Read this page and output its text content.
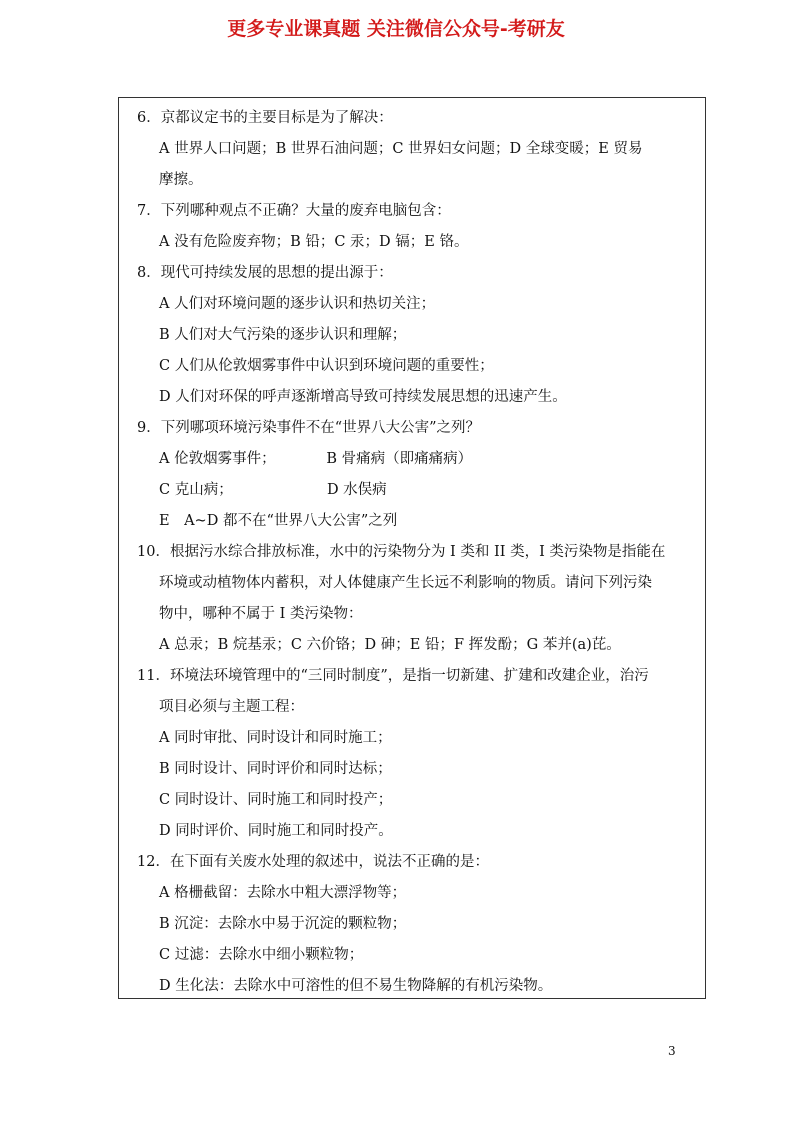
更多专业课真题 关注微信公众号-考研友
6．京都议定书的主要目标是为了解决：
A 世界人口问题；B 世界石油问题；C 世界妇女问题；D 全球变暖；E 贸易
摩擦。
7．下列哪种观点不正确？大量的废弃电脑包含：
A 没有危险废弃物；B 铅；C 汞；D 镉；E 铬。
8．现代可持续发展的思想的提出源于：
A 人们对环境问题的逐步认识和热切关注；
B 人们对大气污染的逐步认识和理解；
C 人们从伦敦烟雾事件中认识到环境问题的重要性；
D 人们对环保的呼声逐渐增高导致可持续发展思想的迅速产生。
9．下列哪项环境污染事件不在“世界八大公害”之列？
A 伦敦烟雾事件；　　　　B 骨痛病（即痛痛病）
C 克山病；　　　　　　　D 水俣病
E　A~D 都不在“世界八大公害”之列
10．根据污水综合排放标准，水中的污染物分为 I 类和 II 类，I 类污染物是指能在
环境或动植物体内蓄积，对人体健康产生长远不利影响的物质。请问下列污染
物中，哪种不属于 I 类污染物：
A 总汞；B 烷基汞；C 六价铬；D 砷；E 铅；F 挥发酚；G 苯并(a)芘。
11．环境法环境管理中的“三同时制度”，是指一切新建、扩建和改建企业，治污
项目必须与主题工程：
A 同时审批、同时设计和同时施工；
B 同时设计、同时评价和同时达标；
C 同时设计、同时施工和同时投产；
D 同时评价、同时施工和同时投产。
12．在下面有关废水处理的叙述中，说法不正确的是：
A 格栅截留：去除水中粗大漂浮物等；
B 沉淀：去除水中易于沉淀的颗粒物；
C 过滤：去除水中细小颗粒物；
D 生化法：去除水中可溶性的但不易生物降解的有机污染物。
3
